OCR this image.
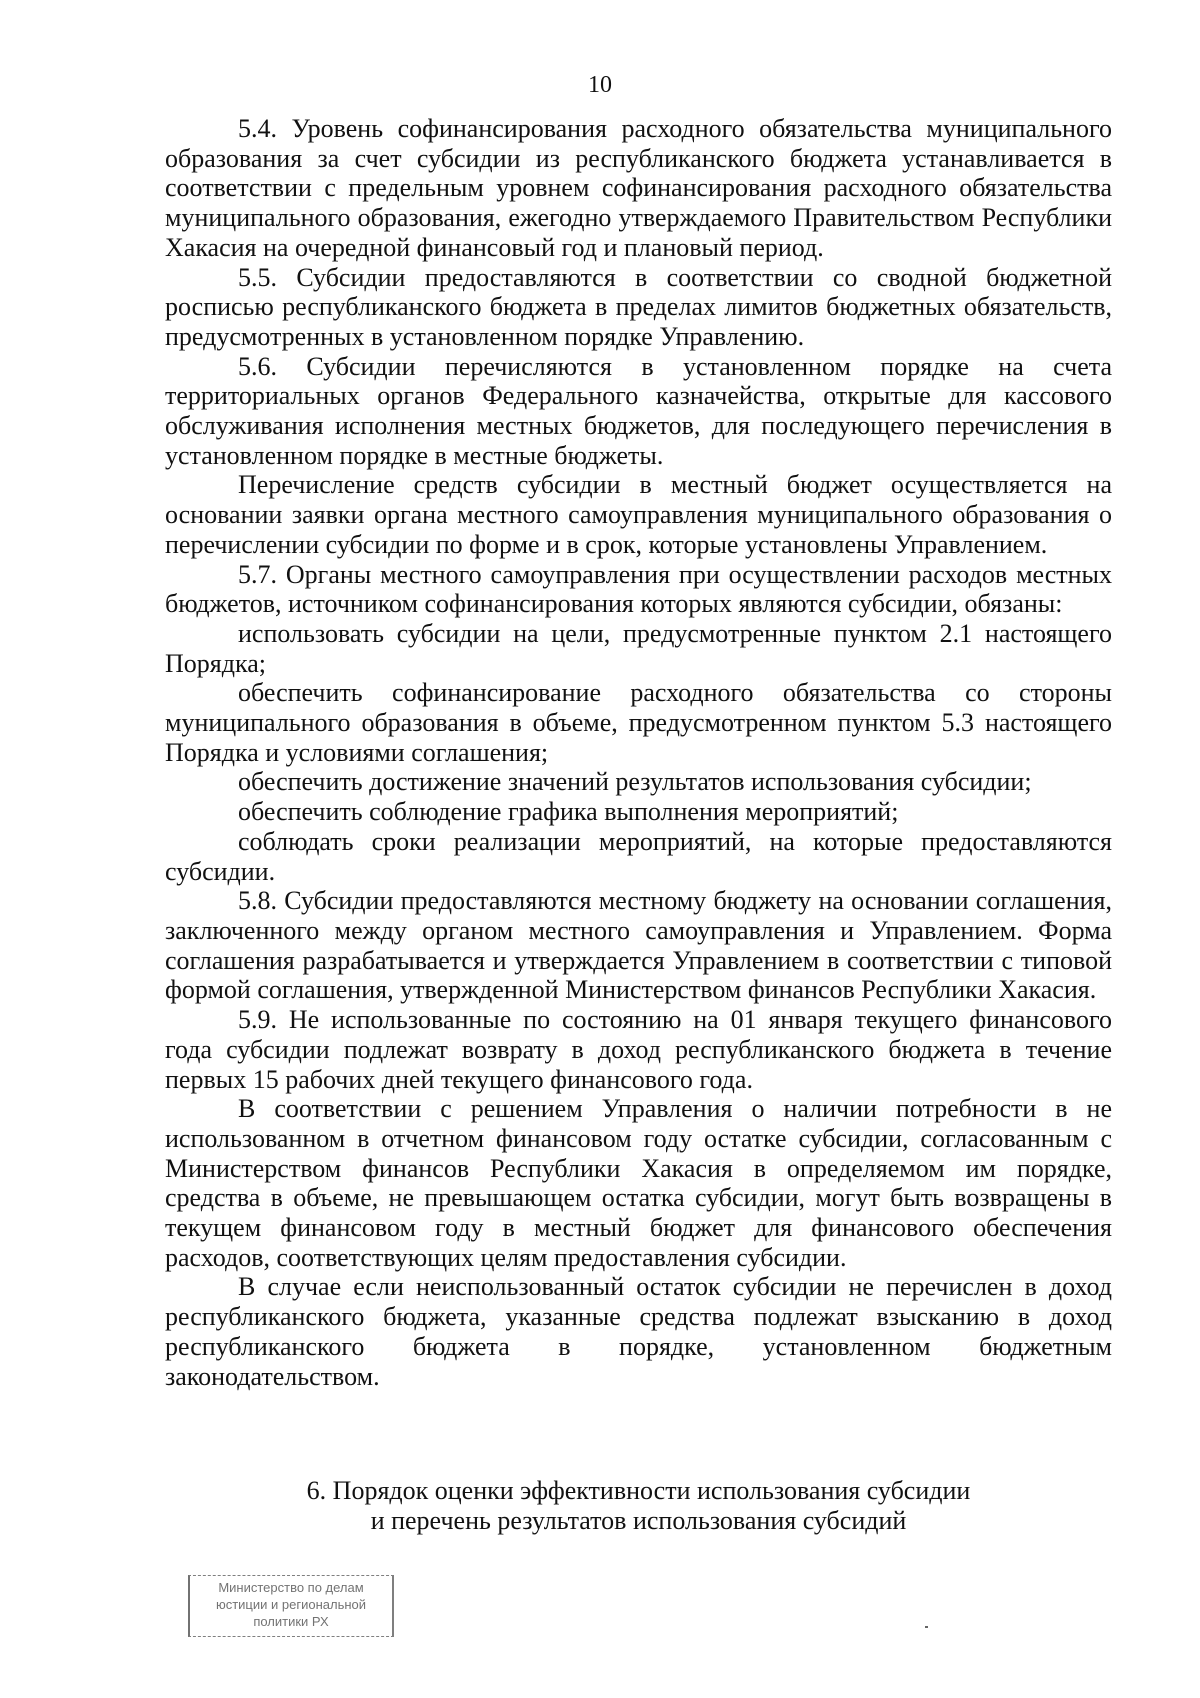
10

5.4. Уровень софинансирования расходного обязательства муниципального образования за счет субсидии из республиканского бюджета устанавливается в соответствии с предельным уровнем софинансирования расходного обязательства муниципального образования, ежегодно утверждаемого Правительством Республики Хакасия на очередной финансовый год и плановый период.

5.5. Субсидии предоставляются в соответствии со сводной бюджетной росписью республиканского бюджета в пределах лимитов бюджетных обязательств, предусмотренных в установленном порядке Управлению.

5.6. Субсидии перечисляются в установленном порядке на счета территориальных органов Федерального казначейства, открытые для кассового обслуживания исполнения местных бюджетов, для последующего перечисления в установленном порядке в местные бюджеты.

Перечисление средств субсидии в местный бюджет осуществляется на основании заявки органа местного самоуправления муниципального образования о перечислении субсидии по форме и в срок, которые установлены Управлением.

5.7. Органы местного самоуправления при осуществлении расходов местных бюджетов, источником софинансирования которых являются субсидии, обязаны:

использовать субсидии на цели, предусмотренные пунктом 2.1 настоящего Порядка;

обеспечить софинансирование расходного обязательства со стороны муниципального образования в объеме, предусмотренном пунктом 5.3 настоящего Порядка и условиями соглашения;

обеспечить достижение значений результатов использования субсидии;

обеспечить соблюдение графика выполнения мероприятий;

соблюдать сроки реализации мероприятий, на которые предоставляются субсидии.

5.8. Субсидии предоставляются местному бюджету на основании соглашения, заключенного между органом местного самоуправления и Управлением. Форма соглашения разрабатывается и утверждается Управлением в соответствии с типовой формой соглашения, утвержденной Министерством финансов Республики Хакасия.

5.9. Не использованные по состоянию на 01 января текущего финансового года субсидии подлежат возврату в доход республиканского бюджета в течение первых 15 рабочих дней текущего финансового года.

В соответствии с решением Управления о наличии потребности в не использованном в отчетном финансовом году остатке субсидии, согласованным с Министерством финансов Республики Хакасия в определяемом им порядке, средства в объеме, не превышающем остатка субсидии, могут быть возвращены в текущем финансовом году в местный бюджет для финансового обеспечения расходов, соответствующих целям предоставления субсидии.

В случае если неиспользованный остаток субсидии не перечислен в доход республиканского бюджета, указанные средства подлежат взысканию в доход республиканского бюджета в порядке, установленном бюджетным законодательством.

6. Порядок оценки эффективности использования субсидии
и перечень результатов использования субсидий
Министерство по делам
юстиции и региональной
политики РХ
